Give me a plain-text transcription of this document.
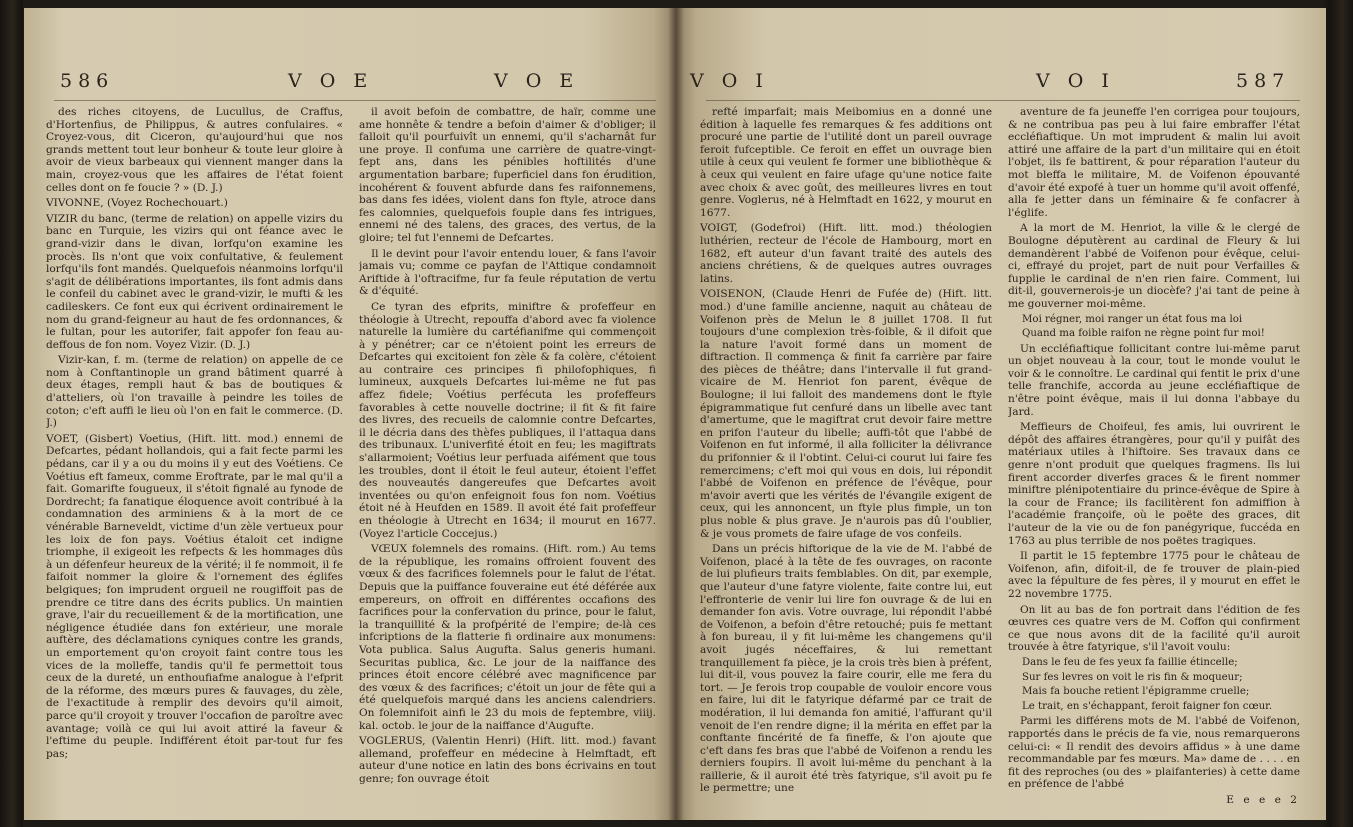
586	V O E	V O E

des riches citoyens, de Lucullus, de Craffus, d'Hortenfius, de Philippus, & autres confulaires. « Croyez-vous, dit Ciceron, qu'aujourd'hui que nos grands mettent tout leur bonheur & toute leur gloire à avoir de vieux barbeaux qui viennent manger dans la main, croyez-vous que les affaires de l'état foient celles dont on fe foucie ? » (D. J.)

VIVONNE, (Voyez Rochechouart.)

VIZIR du banc, (terme de relation) on appelle vizirs du banc en Turquie, les vizirs qui ont féance avec le grand-vizir dans le divan, lorfqu'on examine les procès. Ils n'ont que voix confultative, & feulement lorfqu'ils font mandés. Quelquefois néanmoins lorfqu'il s'agit de délibérations importantes, ils font admis dans le confeil du cabinet avec le grand-vizir, le mufti & les cadileskers. Ce font eux qui écrivent ordinairement le nom du grand-feigneur au haut de fes ordonnances, & le fultan, pour les autorifer, fait appofer fon feau au-deffous de fon nom. Voyez Vizir. (D. J.)

Vizir-kan, f. m. (terme de relation) on appelle de ce nom à Conftantinople un grand bâtiment quarré à deux étages, rempli haut & bas de boutiques & d'atteliers, où l'on travaille à peindre les toiles de coton; c'eft auffi le lieu où l'on en fait le commerce. (D. J.)

VOET, (Gisbert) Voetius, (Hift. litt. mod.) ennemi de Defcartes, pédant hollandois, qui a fait fecte parmi les pédans, car il y a ou du moins il y eut des Voétiens. Ce Voétius eft fameux, comme Eroftrate, par le mal qu'il a fait. Gomarifte fougueux, il s'étoit fignalé au fynode de Dordrecht; fa fanatique éloquence avoit contribué à la condamnation des arminiens & à la mort de ce vénérable Barneveldt, victime d'un zèle vertueux pour les loix de fon pays. Voétius étaloit cet indigne triomphe, il exigeoit les refpects & les hommages dûs à un défenfeur heureux de la vérité; il fe nommoit, il fe faifoit nommer la gloire & l'ornement des églifes belgiques; fon imprudent orgueil ne rougiffoit pas de prendre ce titre dans des écrits publics. Un maintien grave, l'air du recueillement & de la mortification, une négligence étudiée dans fon extérieur, une morale auftère, des déclamations cyniques contre les grands, un emportement qu'on croyoit faint contre tous les vices de la molleffe, tandis qu'il fe permettoit tous ceux de la dureté, un enthoufiafme analogue à l'efprit de la réforme, des mœurs pures & fauvages, du zèle, de l'exactitude à remplir des devoirs qu'il aimoit, parce qu'il croyoit y trouver l'occafion de paroître avec avantage; voilà ce qui lui avoit attiré la faveur & l'eftime du peuple. Indifférent étoit par-tout fur fes pas;

il avoit befoin de combattre, de haïr, comme une ame honnête & tendre a befoin d'aimer & d'obliger; il falloit qu'il pourfuivît un ennemi, qu'il s'acharnât fur une proye. Il confuma une carrière de quatre-vingt-fept ans, dans les pénibles hoftilités d'une argumentation barbare; fuperficiel dans fon érudition, incohérent & fouvent abfurde dans fes raifonnemens, bas dans fes idées, violent dans fon ftyle, atroce dans fes calomnies, quelquefois fouple dans fes intrigues, ennemi né des talens, des graces, des vertus, de la gloire; tel fut l'ennemi de Defcartes.

Il le devint pour l'avoir entendu louer, & fans l'avoir jamais vu; comme ce payfan de l'Attique condamnoit Ariftide à l'oftracifme, fur fa feule réputation de vertu & d'équité.

Ce tyran des efprits, miniftre & profeffeur en théologie à Utrecht, repouffa d'abord avec fa violence naturelle la lumière du cartéfianifme qui commençoit à y pénétrer; car ce n'étoient point les erreurs de Defcartes qui excitoient fon zèle & fa colère, c'étoient au contraire ces principes fi philofophiques, fi lumineux, auxquels Defcartes lui-même ne fut pas affez fidele; Voétius perfécuta les profeffeurs favorables à cette nouvelle doctrine; il fit & fit faire des livres, des recueils de calomnie contre Defcartes, il le décria dans des thèfes publiques, il l'attaqua dans des tribunaux. L'univerfité étoit en feu; les magiftrats s'allarmoient; Voétius leur perfuada aifément que tous les troubles, dont il étoit le feul auteur, étoient l'effet des nouveautés dangereufes que Defcartes avoit inventées ou qu'on enfeignoit fous fon nom. Voétius étoit né à Heufden en 1589. Il avoit été fait profeffeur en théologie à Utrecht en 1634; il mourut en 1677. (Voyez l'article Coccejus.)

VŒUX folemnels des romains. (Hift. rom.) Au tems de la république, les romains offroient fouvent des vœux & des facrifices folemnels pour le falut de l'état. Depuis que la puiffance fouveraine eut été déférée aux empereurs, on offroit en différentes occafions des facrifices pour la confervation du prince, pour le falut, la tranquillité & la profpérité de l'empire; de-là ces infcriptions de la flatterie fi ordinaire aux monumens: Vota publica. Salus Augufta. Salus generis humani. Securitas publica, &c. Le jour de la naiffance des princes étoit encore célébré avec magnificence par des vœux & des facrifices; c'étoit un jour de fête qui a été quelquefois marqué dans les anciens calendriers. On folemnifoit ainfi le 23 du mois de feptembre, viiij. kal. octob. le jour de la naiffance d'Augufte.

VOGLERUS, (Valentin Henri) (Hift. litt. mod.) favant allemand, profeffeur en médecine à Helmftadt, eft auteur d'une notice en latin des bons écrivains en tout genre; fon ouvrage étoit

V O I	V O I	587

refté imparfait; mais Meibomius en a donné une édition à laquelle fes remarques & fes additions ont procuré une partie de l'utilité dont un pareil ouvrage feroit fufceptible. Ce feroit en effet un ouvrage bien utile à ceux qui veulent fe former une bibliothèque & à ceux qui veulent en faire ufage qu'une notice faite avec choix & avec goût, des meilleures livres en tout genre. Voglerus, né à Helmftadt en 1622, y mourut en 1677.

VOIGT, (Godefroi) (Hift. litt. mod.) théologien luthérien, recteur de l'école de Hambourg, mort en 1682, eft auteur d'un favant traité des autels des anciens chrétiens, & de quelques autres ouvrages latins.

VOISENON, (Claude Henri de Fufée de) (Hift. litt. mod.) d'une famille ancienne, naquit au château de Voifenon près de Melun le 8 juillet 1708. Il fut toujours d'une complexion très-foible, & il difoit que la nature l'avoit formé dans un moment de diftraction. Il commença & finit fa carrière par faire des pièces de théâtre; dans l'intervalle il fut grand-vicaire de M. Henriot fon parent, évêque de Boulogne; il lui falloit des mandemens dont le ftyle épigrammatique fut cenfuré dans un libelle avec tant d'amertume, que le magiftrat crut devoir faire mettre en prifon l'auteur du libelle; auffi-tôt que l'abbé de Voifenon en fut informé, il alla folliciter la délivrance du prifonnier & il l'obtint. Celui-ci courut lui faire fes remercimens; c'eft moi qui vous en dois, lui répondit l'abbé de Voifenon en préfence de l'évêque, pour m'avoir averti que les vérités de l'évangile exigent de ceux, qui les annoncent, un ftyle plus fimple, un ton plus noble & plus grave. Je n'aurois pas dû l'oublier, & je vous promets de faire ufage de vos confeils.

Dans un précis hiftorique de la vie de M. l'abbé de Voifenon, placé à la tête de fes ouvrages, on raconte de lui plufieurs traits femblables. On dit, par exemple, que l'auteur d'une fatyre violente, faite contre lui, eut l'effronterie de venir lui lire fon ouvrage & de lui en demander fon avis. Votre ouvrage, lui répondit l'abbé de Voifenon, a befoin d'être retouché; puis fe mettant à fon bureau, il y fit lui-même les changemens qu'il avoit jugés néceffaires, & lui remettant tranquillement fa pièce, je la crois très bien à préfent, lui dit-il, vous pouvez la faire courir, elle me fera du tort. — Je ferois trop coupable de vouloir encore vous en faire, lui dit le fatyrique défarmé par ce trait de modération, il lui demanda fon amitié, l'affurant qu'il venoit de l'en rendre digne; il la mérita en effet par la conftante fincérité de fa fineffe, & l'on ajoute que c'eft dans fes bras que l'abbé de Voifenon a rendu les derniers foupirs. Il avoit lui-même du penchant à la raillerie, & il auroit été très fatyrique, s'il avoit pu fe le permettre; une

aventure de fa jeuneffe l'en corrigea pour toujours, & ne contribua pas peu à lui faire embraffer l'état eccléfiaftique. Un mot imprudent & malin lui avoit attiré une affaire de la part d'un militaire qui en étoit l'objet, ils fe battirent, & pour réparation l'auteur du mot bleffa le militaire, M. de Voifenon épouvanté d'avoir été expofé à tuer un homme qu'il avoit offenfé, alla fe jetter dans un féminaire & fe confacrer à l'églife.

A la mort de M. Henriot, la ville & le clergé de Boulogne députèrent au cardinal de Fleury & lui demandèrent l'abbé de Voifenon pour évêque, celui-ci, effrayé du projet, part de nuit pour Verfailles & fupplie le cardinal de n'en rien faire. Comment, lui dit-il, gouvernerois-je un diocèfe? j'ai tant de peine à me gouverner moi-même.

Moi régner, moi ranger un état fous ma loi

Quand ma foible raifon ne règne point fur moi!

Un eccléfiaftique follicitant contre lui-même parut un objet nouveau à la cour, tout le monde voulut le voir & le connoître. Le cardinal qui fentit le prix d'une telle franchife, accorda au jeune eccléfiaftique de n'être point évêque, mais il lui donna l'abbaye du Jard.

Meffieurs de Choifeul, fes amis, lui ouvrirent le dépôt des affaires étrangères, pour qu'il y puifât des matériaux utiles à l'hiftoire. Ses travaux dans ce genre n'ont produit que quelques fragmens. Ils lui firent accorder diverfes graces & le firent nommer miniftre plénipotentiaire du prince-évêque de Spire à la cour de France; ils facilitèrent fon admiffion à l'académie françoife, où le poëte des graces, dit l'auteur de la vie ou de fon panégyrique, fuccéda en 1763 au plus terrible de nos poëtes tragiques.

Il partit le 15 feptembre 1775 pour le château de Voifenon, afin, difoit-il, de fe trouver de plain-pied avec la fépulture de fes pères, il y mourut en effet le 22 novembre 1775.

On lit au bas de fon portrait dans l'édition de fes œuvres ces quatre vers de M. Coffon qui confirment ce que nous avons dit de la facilité qu'il auroit trouvée à être fatyrique, s'il l'avoit voulu:

Dans le feu de fes yeux fa faillie étincelle;

Sur fes levres on voit le ris fin & moqueur;

Mais fa bouche retient l'épigramme cruelle;

Le trait, en s'échappant, feroit faigner fon cœur.

Parmi les différens mots de M. l'abbé de Voifenon, rapportés dans le précis de fa vie, nous remarquerons celui-ci: « Il rendit des devoirs affidus » à une dame recommandable par fes mœurs. Ma» dame de . . . . en fit des reproches (ou des » plaifanteries) à cette dame en préfence de l'abbé

E e e e 2
